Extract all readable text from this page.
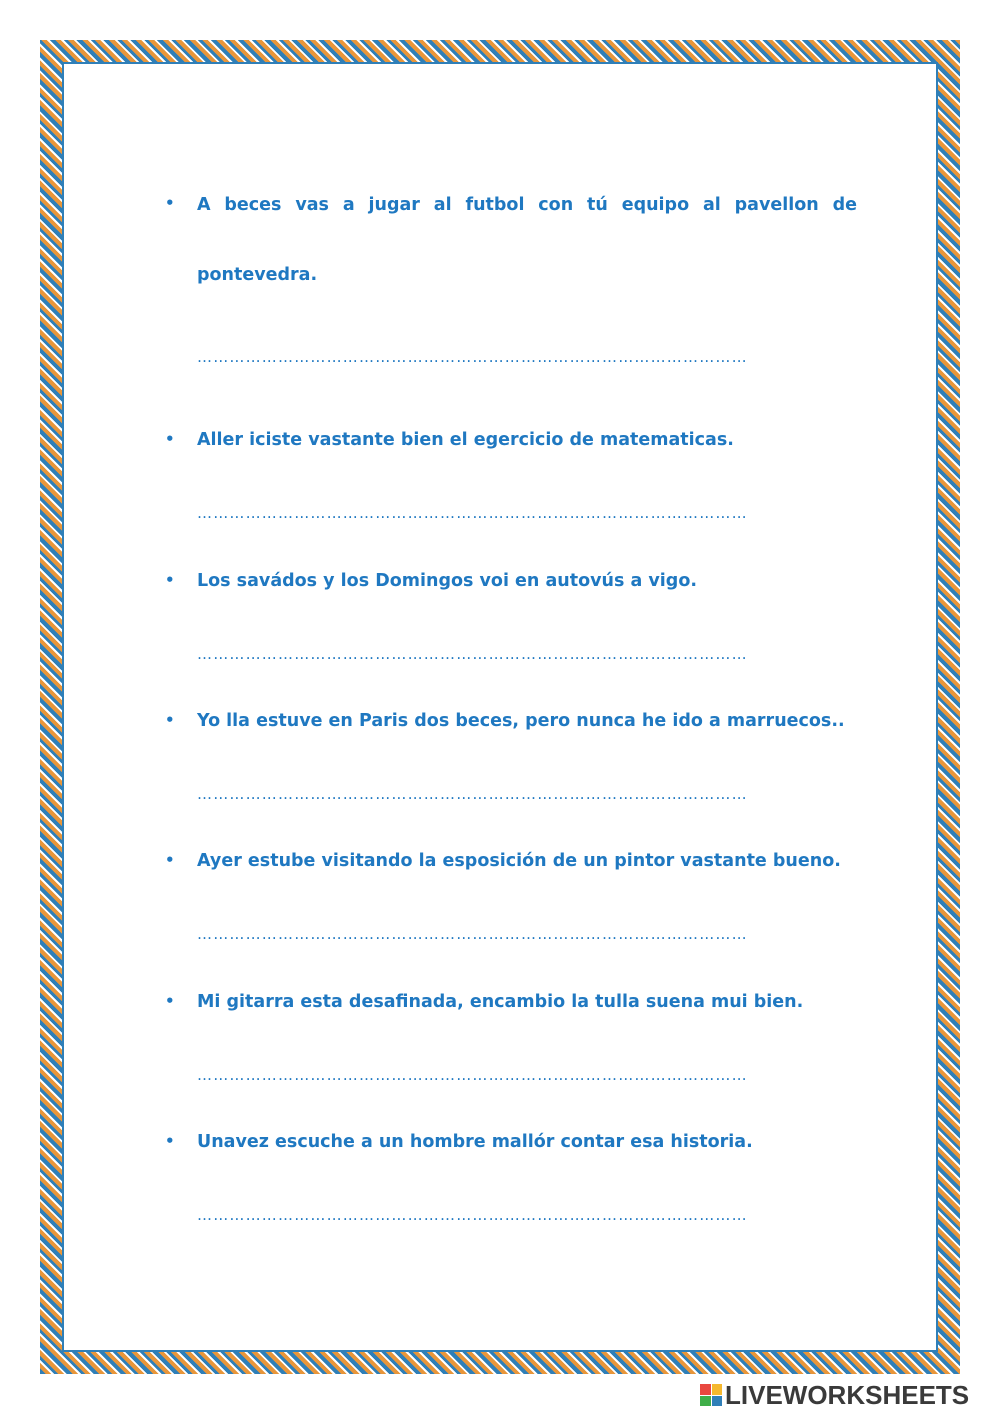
• A beces vas a jugar al futbol con tú equipo al pavellon de pontevedra.
…………………………………………………………………………………………
• Aller iciste vastante bien el egercicio de matematicas.
…………………………………………………………………………………………
• Los savádos y los Domingos voi en autovús a vigo.
…………………………………………………………………………………………
• Yo lla estuve en Paris dos beces, pero nunca he ido a marruecos..
…………………………………………………………………………………………
• Ayer estube visitando la esposición de un pintor vastante bueno.
…………………………………………………………………………………………
• Mi gitarra esta desafinada, encambio la tulla suena mui bien.
…………………………………………………………………………………………
• Unavez escuche a un hombre mallór contar esa historia.
…………………………………………………………………………………………
LIVEWORKSHEETS
